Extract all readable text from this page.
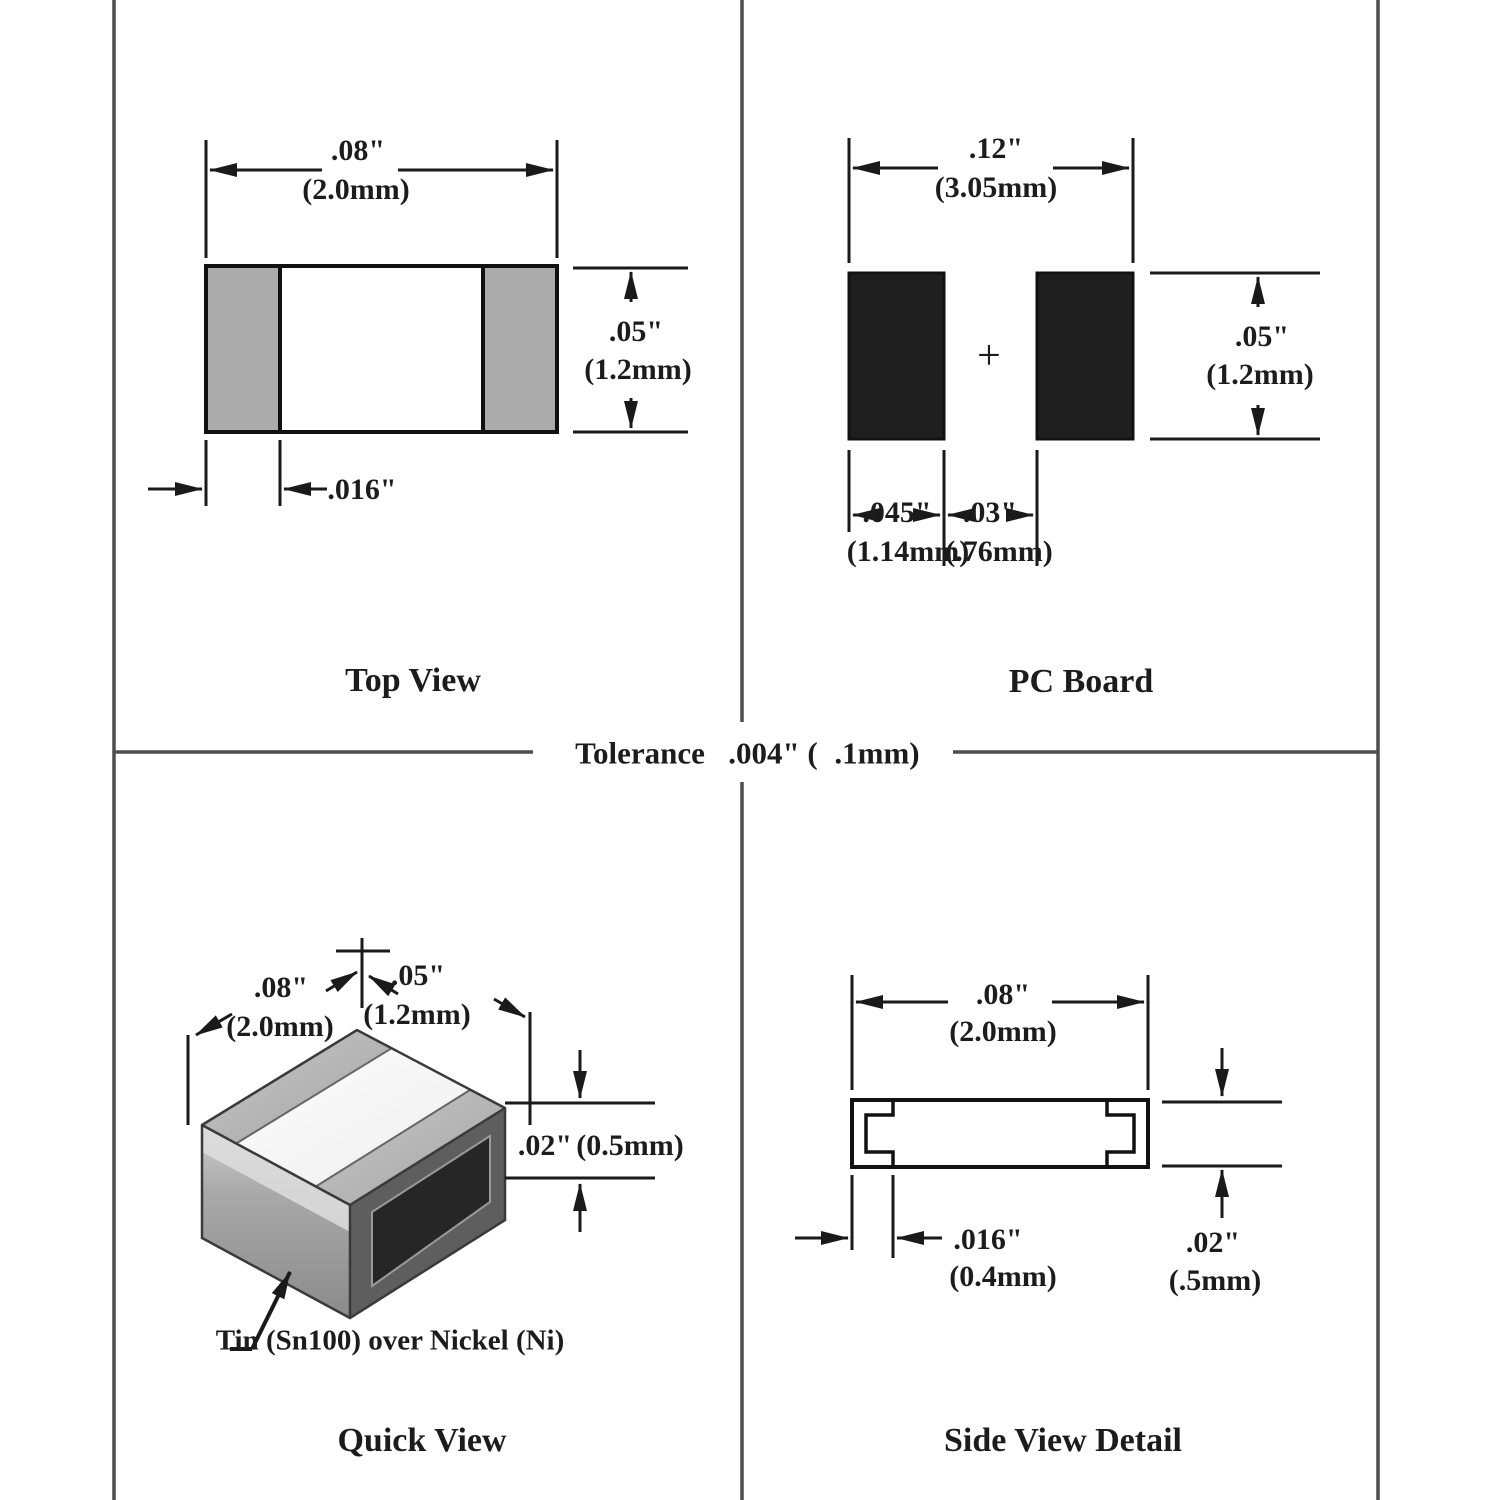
.08"
(2.0mm)
.05"
(1.2mm)
.016"
Top View
.12"
(3.05mm)
+	.05"
(1.2mm)
.045"
(1.14mm)
.03"
(.76mm)
PC Board
Tolerance .004" ( .1mm)
.08"
(2.0mm)
.05"
(1.2mm)
.02" (0.5mm)
Tin (Sn100) over Nickel (Ni)
Quick View
.08"
(2.0mm)
.016"
(0.4mm)
.02"
(.5mm)
Side View Detail
